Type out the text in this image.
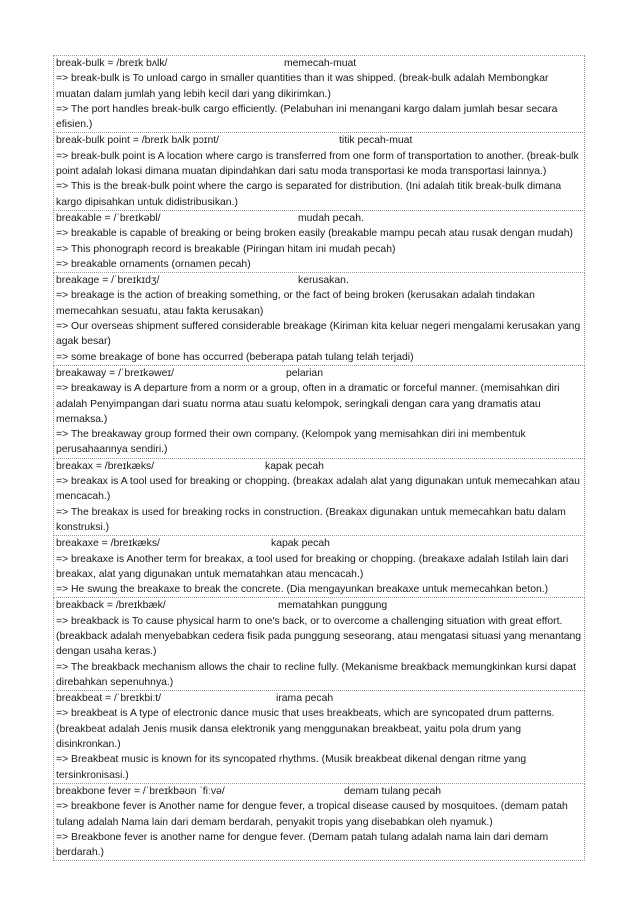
break-bulk = /breɪk bʌlk/	memecah-muat
=> break-bulk is To unload cargo in smaller quantities than it was shipped. (break-bulk adalah Membongkar muatan dalam jumlah yang lebih kecil dari yang dikirimkan.)
=> The port handles break-bulk cargo efficiently. (Pelabuhan ini menangani kargo dalam jumlah besar secara efisien.)
break-bulk point = /breɪk bʌlk pɔɪnt/	titik pecah-muat
=> break-bulk point is A location where cargo is transferred from one form of transportation to another. (break-bulk point adalah lokasi dimana muatan dipindahkan dari satu moda transportasi ke moda transportasi lainnya.)
=> This is the break-bulk point where the cargo is separated for distribution. (Ini adalah titik break-bulk dimana kargo dipisahkan untuk didistribusikan.)
breakable = /ˈbreɪkəbl/	mudah pecah.
=> breakable is capable of breaking or being broken easily (breakable mampu pecah atau rusak dengan mudah)
=> This phonograph record is breakable (Piringan hitam ini mudah pecah)
=> breakable ornaments (ornamen pecah)
breakage = /ˈbreɪkɪdʒ/	kerusakan.
=> breakage is the action of breaking something, or the fact of being broken (kerusakan adalah tindakan memecahkan sesuatu, atau fakta kerusakan)
=> Our overseas shipment suffered considerable breakage (Kiriman kita keluar negeri mengalami kerusakan yang agak besar)
=> some breakage of bone has occurred (beberapa patah tulang telah terjadi)
breakaway = /ˈbreɪkəweɪ/	pelarian
=> breakaway is A departure from a norm or a group, often in a dramatic or forceful manner. (memisahkan diri adalah Penyimpangan dari suatu norma atau suatu kelompok, seringkali dengan cara yang dramatis atau memaksa.)
=> The breakaway group formed their own company. (Kelompok yang memisahkan diri ini membentuk perusahaannya sendiri.)
breakax = /breɪkæks/	kapak pecah
=> breakax is A tool used for breaking or chopping. (breakax adalah alat yang digunakan untuk memecahkan atau mencacah.)
=> The breakax is used for breaking rocks in construction. (Breakax digunakan untuk memecahkan batu dalam konstruksi.)
breakaxe = /breɪkæks/	kapak pecah
=> breakaxe is Another term for breakax, a tool used for breaking or chopping. (breakaxe adalah Istilah lain dari breakax, alat yang digunakan untuk mematahkan atau mencacah.)
=> He swung the breakaxe to break the concrete. (Dia mengayunkan breakaxe untuk memecahkan beton.)
breakback = /breɪkbæk/	mematahkan punggung
=> breakback is To cause physical harm to one's back, or to overcome a challenging situation with great effort. (breakback adalah menyebabkan cedera fisik pada punggung seseorang, atau mengatasi situasi yang menantang dengan usaha keras.)
=> The breakback mechanism allows the chair to recline fully. (Mekanisme breakback memungkinkan kursi dapat direbahkan sepenuhnya.)
breakbeat = /ˈbreɪkbiːt/	irama pecah
=> breakbeat is A type of electronic dance music that uses breakbeats, which are syncopated drum patterns. (breakbeat adalah Jenis musik dansa elektronik yang menggunakan breakbeat, yaitu pola drum yang disinkronkan.)
=> Breakbeat music is known for its syncopated rhythms. (Musik breakbeat dikenal dengan ritme yang tersinkronisasi.)
breakbone fever = /ˈbreɪkbəʊn ˈfiːvə/	demam tulang pecah
=> breakbone fever is Another name for dengue fever, a tropical disease caused by mosquitoes. (demam patah tulang adalah Nama lain dari demam berdarah, penyakit tropis yang disebabkan oleh nyamuk.)
=> Breakbone fever is another name for dengue fever. (Demam patah tulang adalah nama lain dari demam berdarah.)
